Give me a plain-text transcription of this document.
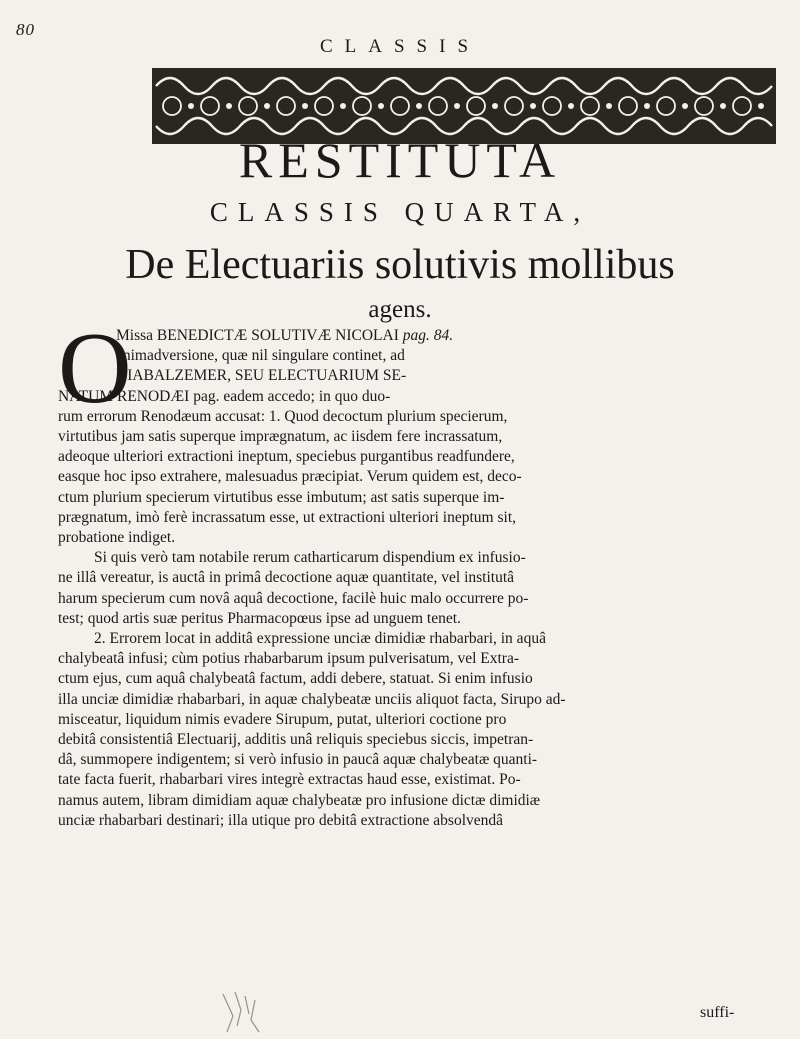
80
CLASSIS
RESTITUTA
CLASSIS QUARTA,
De Electuariis solutivis mollibus
agens.
O
Missa BENEDICTÆ SOLUTIVÆ NICOLAI pag. 84.
animadversione, quæ nil singulare continet, ad
DIABALZEMER, SEU ELECTUARIUM SE-
NATUM RENODÆI pag. eadem accedo; in quo duo-
rum errorum Renodæum accusat: 1. Quod decoctum plurium specierum,
virtutibus jam satis superque imprægnatum, ac iisdem fere incrassatum,
adeoque ulteriori extractioni ineptum, speciebus purgantibus readfundere,
easque hoc ipso extrahere, malesuadus præcipiat. Verum quidem est, deco-
ctum plurium specierum virtutibus esse imbutum; ast satis superque im-
prægnatum, imò ferè incrassatum esse, ut extractioni ulteriori ineptum sit,
probatione indiget.
Si quis verò tam notabile rerum catharticarum dispendium ex infusio-
ne illâ vereatur, is auctâ in primâ decoctione aquæ quantitate, vel institutâ
harum specierum cum novâ aquâ decoctione, facilè huic malo occurrere po-
test; quod artis suæ peritus Pharmacopœus ipse ad unguem tenet.
2. Errorem locat in additâ expressione unciæ dimidiæ rhabarbari, in aquâ
chalybeatâ infusi; cùm potius rhabarbarum ipsum pulverisatum, vel Extra-
ctum ejus, cum aquâ chalybeatâ factum, addi debere, statuat. Si enim infusio
illa unciæ dimidiæ rhabarbari, in aquæ chalybeatæ unciis aliquot facta, Sirupo ad-
misceatur, liquidum nimis evadere Sirupum, putat, ulteriori coctione pro
debitâ consistentiâ Electuarij, additis unâ reliquis speciebus siccis, impetran-
dâ, summopere indigentem; si verò infusio in paucâ aquæ chalybeatæ quanti-
tate facta fuerit, rhabarbari vires integrè extractas haud esse, existimat. Po-
namus autem, libram dimidiam aquæ chalybeatæ pro infusione dictæ dimidiæ
unciæ rhabarbari destinari; illa utique pro debitâ extractione absolvendâ
suffi-
